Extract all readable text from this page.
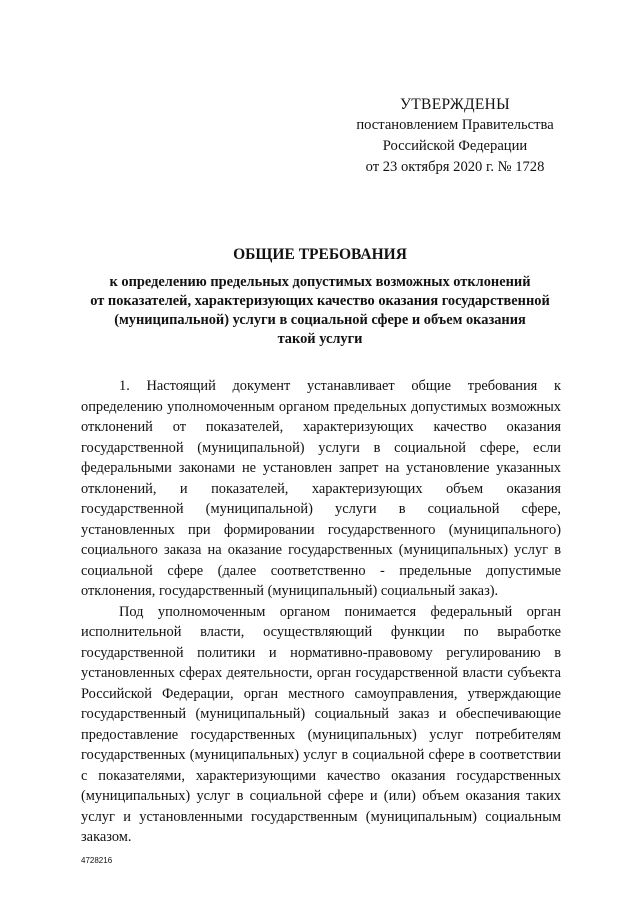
УТВЕРЖДЕНЫ
постановлением Правительства
Российской Федерации
от 23 октября 2020 г. № 1728
ОБЩИЕ ТРЕБОВАНИЯ
к определению предельных допустимых возможных отклонений
от показателей, характеризующих качество оказания государственной
(муниципальной) услуги в социальной сфере и объем оказания
такой услуги

1. Настоящий документ устанавливает общие требования к определению уполномоченным органом предельных допустимых возможных отклонений от показателей, характеризующих качество оказания государственной (муниципальной) услуги в социальной сфере, если федеральными законами не установлен запрет на установление указанных отклонений, и показателей, характеризующих объем оказания государственной (муниципальной) услуги в социальной сфере, установленных при формировании государственного (муниципального) социального заказа на оказание государственных (муниципальных) услуг в социальной сфере (далее соответственно - предельные допустимые отклонения, государственный (муниципальный) социальный заказ).

Под уполномоченным органом понимается федеральный орган исполнительной власти, осуществляющий функции по выработке государственной политики и нормативно-правовому регулированию в установленных сферах деятельности, орган государственной власти субъекта Российской Федерации, орган местного самоуправления, утверждающие государственный (муниципальный) социальный заказ и обеспечивающие предоставление государственных (муниципальных) услуг потребителям государственных (муниципальных) услуг в социальной сфере в соответствии с показателями, характеризующими качество оказания государственных (муниципальных) услуг в социальной сфере и (или) объем оказания таких услуг и установленными государственным (муниципальным) социальным заказом.

4728216
